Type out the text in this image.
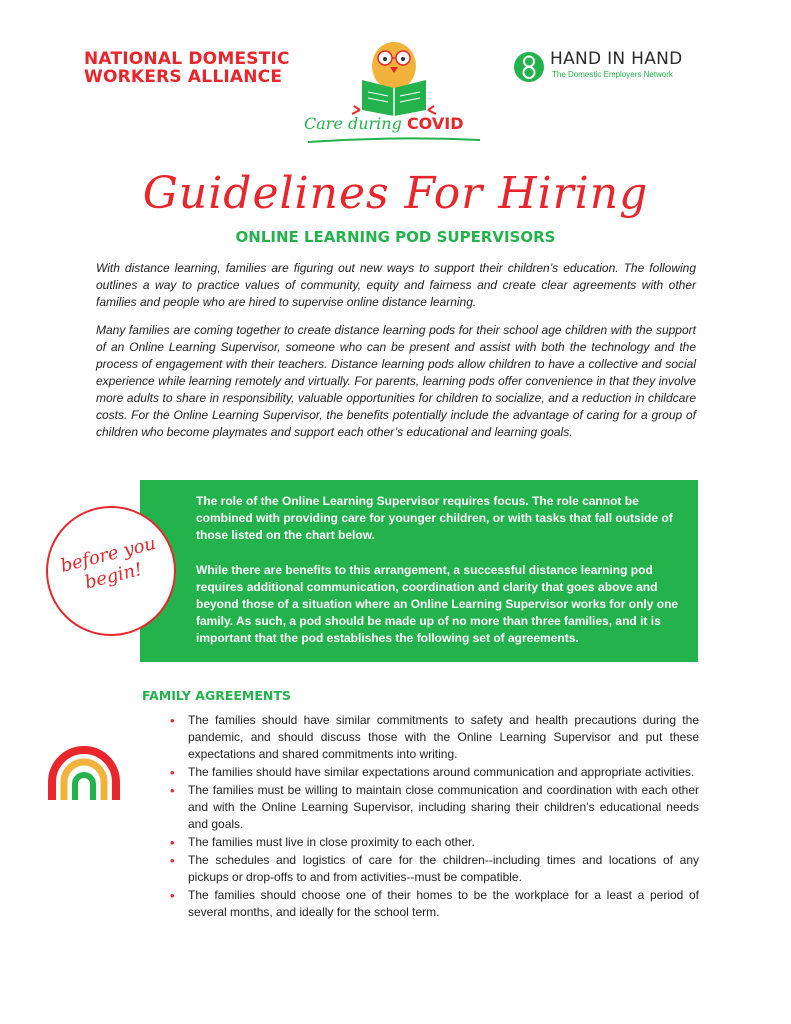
NATIONAL DOMESTIC
WORKERS ALLIANCE
Care during COVID
HAND IN HAND
The Domestic Employers Network
Guidelines For Hiring
ONLINE LEARNING POD SUPERVISORS

With distance learning, families are figuring out new ways to support their children’s education. The following outlines a way to practice values of community, equity and fairness and create clear agreements with other families and people who are hired to supervise online distance learning.

Many families are coming together to create distance learning pods for their school age children with the support of an Online Learning Supervisor, someone who can be present and assist with both the technology and the process of engagement with their teachers. Distance learning pods allow children to have a collective and social experience while learning remotely and virtually. For parents, learning pods offer convenience in that they involve more adults to share in responsibility, valuable opportunities for children to socialize, and a reduction in childcare costs. For the Online Learning Supervisor, the benefits potentially include the advantage of caring for a group of children who become playmates and support each other’s educational and learning goals.

The role of the Online Learning Supervisor requires focus. The role cannot be combined with providing care for younger children, or with tasks that fall outside of those listed on the chart below.

While there are benefits to this arrangement, a successful distance learning pod requires additional communication, coordination and clarity that goes above and beyond those of a situation where an Online Learning Supervisor works for only one family. As such, a pod should be made up of no more than three families, and it is important that the pod establishes the following set of agreements.

before you begin!
FAMILY AGREEMENTS
• The families should have similar commitments to safety and health precautions during the pandemic, and should discuss those with the Online Learning Supervisor and put these expectations and shared commitments into writing.
• The families should have similar expectations around communication and appropriate activities.
• The families must be willing to maintain close communication and coordination with each other and with the Online Learning Supervisor, including sharing their children’s educational needs and goals.
• The families must live in close proximity to each other.
• The schedules and logistics of care for the children--including times and locations of any pickups or drop-offs to and from activities--must be compatible.
• The families should choose one of their homes to be the workplace for a least a period of several months, and ideally for the school term.
